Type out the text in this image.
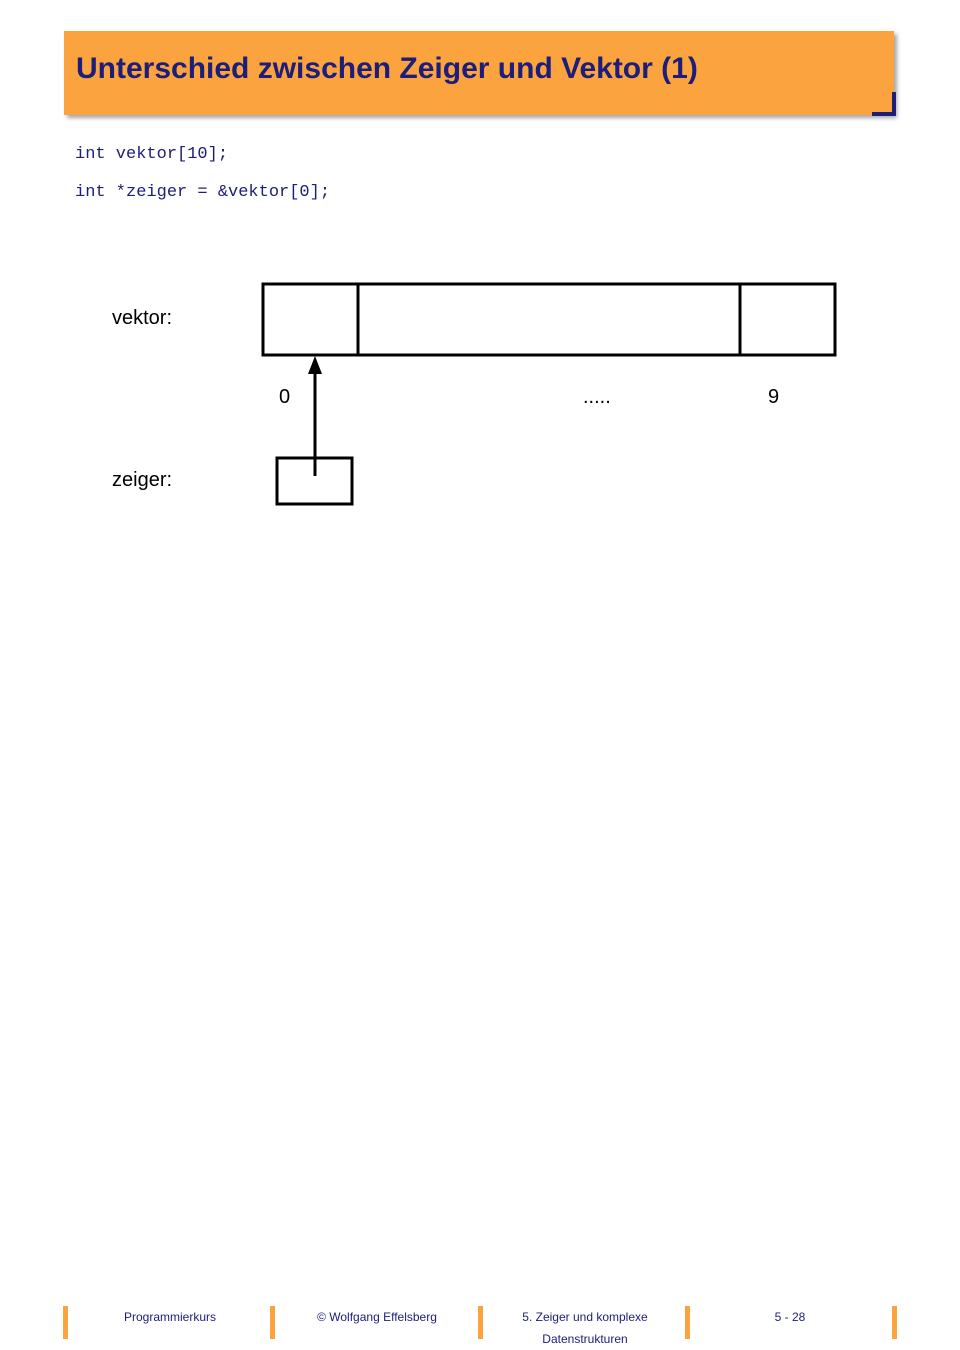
Unterschied zwischen Zeiger und Vektor (1)
int vektor[10];
int *zeiger = &vektor[0];
vektor:
zeiger:
0	.....	9
Programmierkurs	© Wolfgang Effelsberg	5. Zeiger und komplexe Datenstrukturen
5 - 28
